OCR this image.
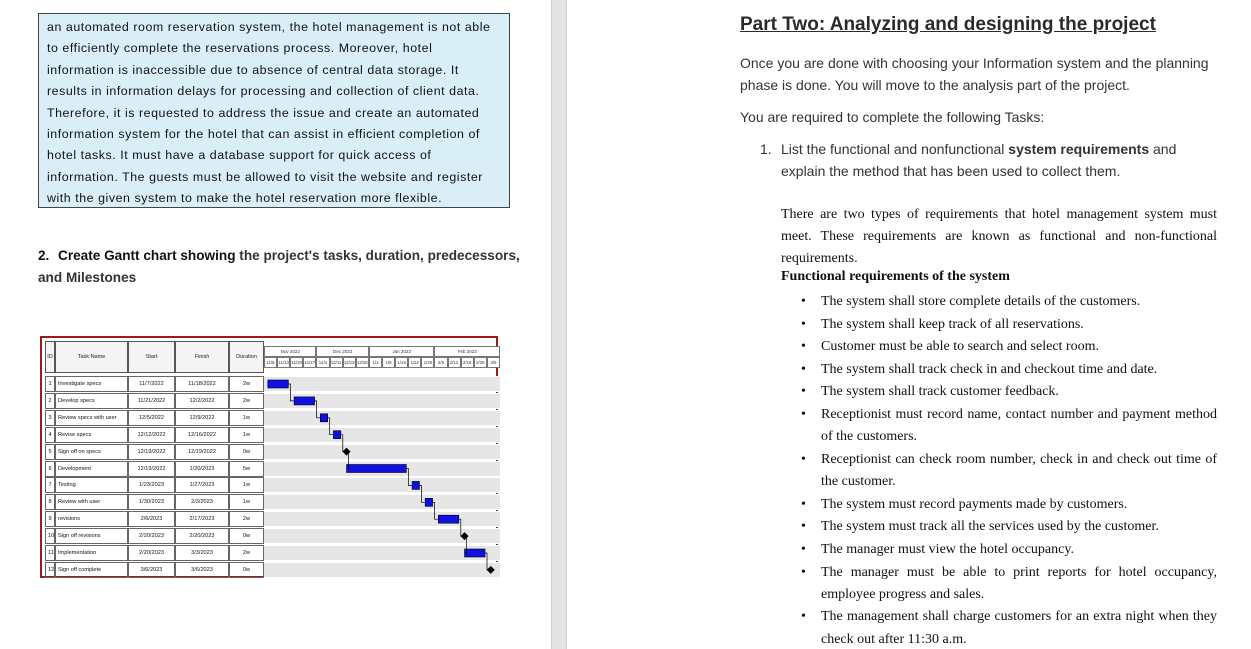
an automated room reservation system, the hotel management is not able to efficiently complete the reservations process. Moreover, hotel information is inaccessible due to absence of central data storage. It results in information delays for processing and collection of client data. Therefore, it is requested to address the issue and create an automated information system for the hotel that can assist in efficient completion of hotel tasks. It must have a database support for quick access of information. The guests must be allowed to visit the website and register with the given system to make the hotel reservation more flexible.

2. Create Gantt chart showing the project's tasks, duration, predecessors, and Milestones
ID	Task Name	Start	Finish	Duration
11/6 11/13 11/20 11/27 12/4 12/11 12/18 12/25	1/1	1/8	1/15	1/22	1/29	2/5	2/12	2/19	2/26	3/5
Nov 2022	Dec 2022	Jan 2023	Feb 2023
1	Investigate specs	11/7/2022	11/18/2022	2w
2	Develop specs	11/21/2022	12/2/2022	2w
3	Review specs with user	12/5/2022	12/9/2022	1w
4	Revise specs	12/12/2022	12/16/2022	1w
5	Sign off on specs	12/19/2022	12/19/2022	0w
6	Development	12/19/2022	1/20/2023	5w
7	Testing	1/23/2023	1/27/2023	1w
8	Review with user	1/30/2023	2/3/2023	1w
9	revisions	2/6/2023	2/17/2023	2w
10 Sign off revisions	2/20/2023	2/20/2023	0w
11 Implementation	2/20/2023	3/3/2023	2w
12 Sign off complete	3/6/2023	3/6/2023	0w
Part Two: Analyzing and designing the project
Once you are done with choosing your Information system and the planning phase is done. You will move to the analysis part of the project.
You are required to complete the following Tasks:
1. List the functional and nonfunctional system requirements and explain the method that has been used to collect them.
There are two types of requirements that hotel management system must meet. These requirements are known as functional and non-functional requirements.
Functional requirements of the system
• The system shall store complete details of the customers.
• The system shall keep track of all reservations.
• Customer must be able to search and select room.
• The system shall track check in and checkout time and date.
• The system shall track customer feedback.
• Receptionist must record name, contact number and payment method of the customers.
• Receptionist can check room number, check in and check out time of the customer.
• The system must record payments made by customers.
• The system must track all the services used by the customer.
• The manager must view the hotel occupancy.
• The manager must be able to print reports for hotel occupancy, employee progress and sales.
• The management shall charge customers for an extra night when they check out after 11:30 a.m.
